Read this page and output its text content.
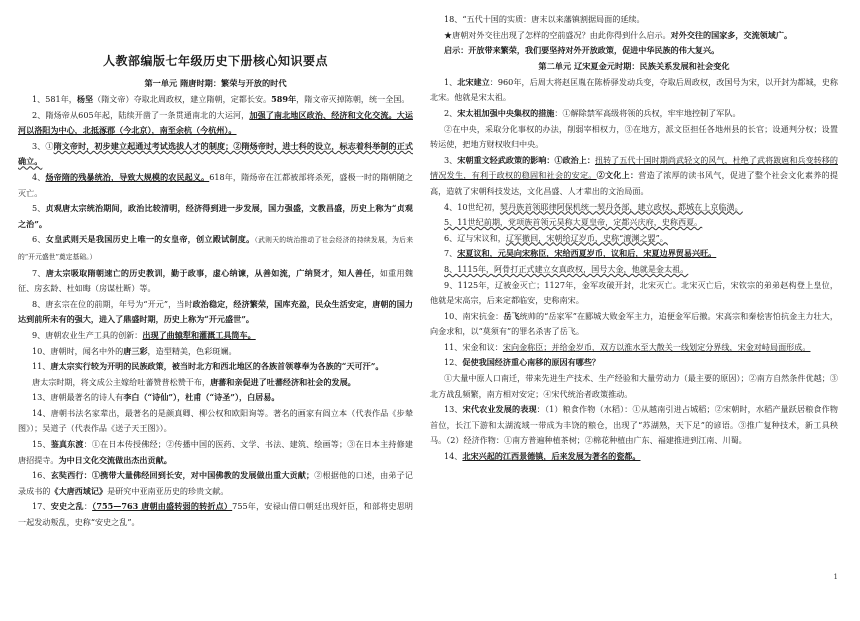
人教部编版七年级历史下册核心知识要点
第一单元 隋唐时期：繁荣与开放的时代

1、581年，杨坚（隋文帝）夺取北周政权，建立隋朝，定都长安。589年，隋文帝灭掉陈朝，统一全国。

2、隋炀帝从605年起，陆续开凿了一条贯通南北的大运河，加强了南北地区政治、经济和文化交流。大运河以洛阳为中心，北抵涿郡（今北京），南至余杭（今杭州）。

3、①隋文帝时，初步建立起通过考试选拔人才的制度；②隋炀帝时，进士科的设立，标志着科举制的正式确立。

4、炀帝隋的残暴统治，导致大规模的农民起义。618年，隋炀帝在江都被部将杀死，盛极一时的隋朝随之灭亡。

5、贞观唐太宗统治期间，政治比较清明，经济得到进一步发展，国力强盛，文教昌盛，历史上称为“贞观之治”。

6、女皇武则天是我国历史上唯一的女皇帝，创立殿试制度。（武则天的统治推动了社会经济的持续发展，为后来的“开元盛世”奠定基础。）

7、唐太宗吸取隋朝速亡的历史教训，勤于政事，虚心纳谏，从善如流，广纳贤才，知人善任，如重用魏征、房玄龄、杜如晦（房谋杜断）等。

8、唐玄宗在位的前期，年号为“开元”，当时政治稳定，经济繁荣，国库充盈，民众生活安定，唐朝的国力达到前所未有的强大，进入了鼎盛时期，历史上称为“开元盛世”。

9、唐朝农业生产工具的创新：出现了曲辕犁和灌溉工具筒车。

10、唐朝时，闻名中外的唐三彩，造型精美，色彩斑斓。

11、唐太宗实行较为开明的民族政策，被当时北方和西北地区的各族首领尊奉为各族的“天可汗”。

唐太宗时期，将文成公主嫁给吐蕃赞普松赞干布，唐蕃和亲促进了吐蕃经济和社会的发展。

13、唐朝最著名的诗人有李白（“诗仙”），杜甫（“诗圣”），白居易。

14、唐朝书法名家辈出，最著名的是颜真卿、柳公权和欧阳询等。著名的画家有阎立本（代表作品《步辇图》）；吴道子（代表作品《送子天王图》）。

15、鉴真东渡：①在日本传授佛经；②传播中国的医药、文学、书法、建筑、绘画等；③在日本主持修建唐招提寺。为中日文化交流做出杰出贡献。

16、玄奘西行：①携带大量佛经回到长安，对中国佛教的发展做出重大贡献；②根据他的口述，由弟子记录成书的《大唐西域记》是研究中亚南亚历史的珍贵文献。

17、安史之乱：（755—763 唐朝由盛转弱的转折点）755年，安禄山借口朝廷出现奸臣，和部将史思明一起发动叛乱，史称“安史之乱”。

18、“五代十国的实质：唐末以来藩镇割据局面的延续。

★唐朝对外交往出现了怎样的空前盛况？由此你得到什么启示。对外交往的国家多，交流领域广。

启示：开放带来繁荣，我们要坚持对外开放政策，促进中华民族的伟大复兴。

第二单元 辽宋夏金元时期：民族关系发展和社会变化

1、北宋建立：960年，后周大将赵匡胤在陈桥驿发动兵变，夺取后周政权，改国号为宋，以开封为都城，史称北宋。他就是宋太祖。

2、宋太祖加强中央集权的措施：①解除禁军高级将领的兵权，牢牢地控制了军队。

②在中央，采取分化事权的办法，削弱宰相权力，③在地方，派文臣担任各地州县的长官；设通判分权；设置转运使，把地方财权收归中央。

3、宋朝重文轻武政策的影响：①政治上：扭转了五代十国时期尚武轻文的风气，杜绝了武将跋扈和兵变转移的情况发生，有利于政权的稳固和社会的安定。②文化上：营造了浓厚的读书风气，促进了整个社会文化素养的提高，造就了宋朝科技发达，文化昌盛、人才辈出的文治局面。

4、10世纪初，契丹族首领耶律阿保机统一契丹各部，建立政权，都城在上京临潢。

5、11世纪前期，党项族首领元昊称大夏皇帝，定都兴庆府，史称西夏。

6、辽与宋议和，辽军撤回，宋朝给辽岁币，史称“澶渊之盟”。

7、宋夏议和，元昊向宋称臣，宋给西夏岁币，议和后，宋夏边界贸易兴旺。

8、1115年，阿骨打正式建立女真政权，国号大金，他就是金太祖。

9、1125年，辽被金灭亡；1127年，金军攻破开封，北宋灭亡。北宋灭亡后，宋钦宗的弟弟赵构登上皇位，他就是宋高宗，后来定都临安，史称南宋。

10、南宋抗金：岳飞统帅的“岳家军”在郾城大败金军主力，追便金军后撤。宋高宗和秦桧害怕抗金主力壮大，向金求和，以“莫须有”的罪名杀害了岳飞。

11、宋金和议：宋向金称臣；并给金岁币，双方以淮水至大散关一线划定分界线，宋金对峙局面形成。

12、促使我国经济重心南移的原因有哪些？

①大量中原人口南迁，带来先进生产技术、生产经验和大量劳动力（最主要的原因）；②南方自然条件优越；③北方战乱频繁，南方相对安定；④宋代统治者政策推动。

13、宋代农业发展的表现：（1）粮食作物（水稻）：①从越南引进占城稻；②宋朝时，水稻产量跃居粮食作物首位，长江下游和太湖流域一带成为丰饶的粮仓，出现了“苏湖熟，天下足”的谚语。③推广复种技术，新工具秧马。（2）经济作物：①南方普遍种植茶树；②棉花种植由广东、福建推进到江南、川蜀。

14、北宋兴起的江西景德镇，后来发展为著名的瓷都。

1
